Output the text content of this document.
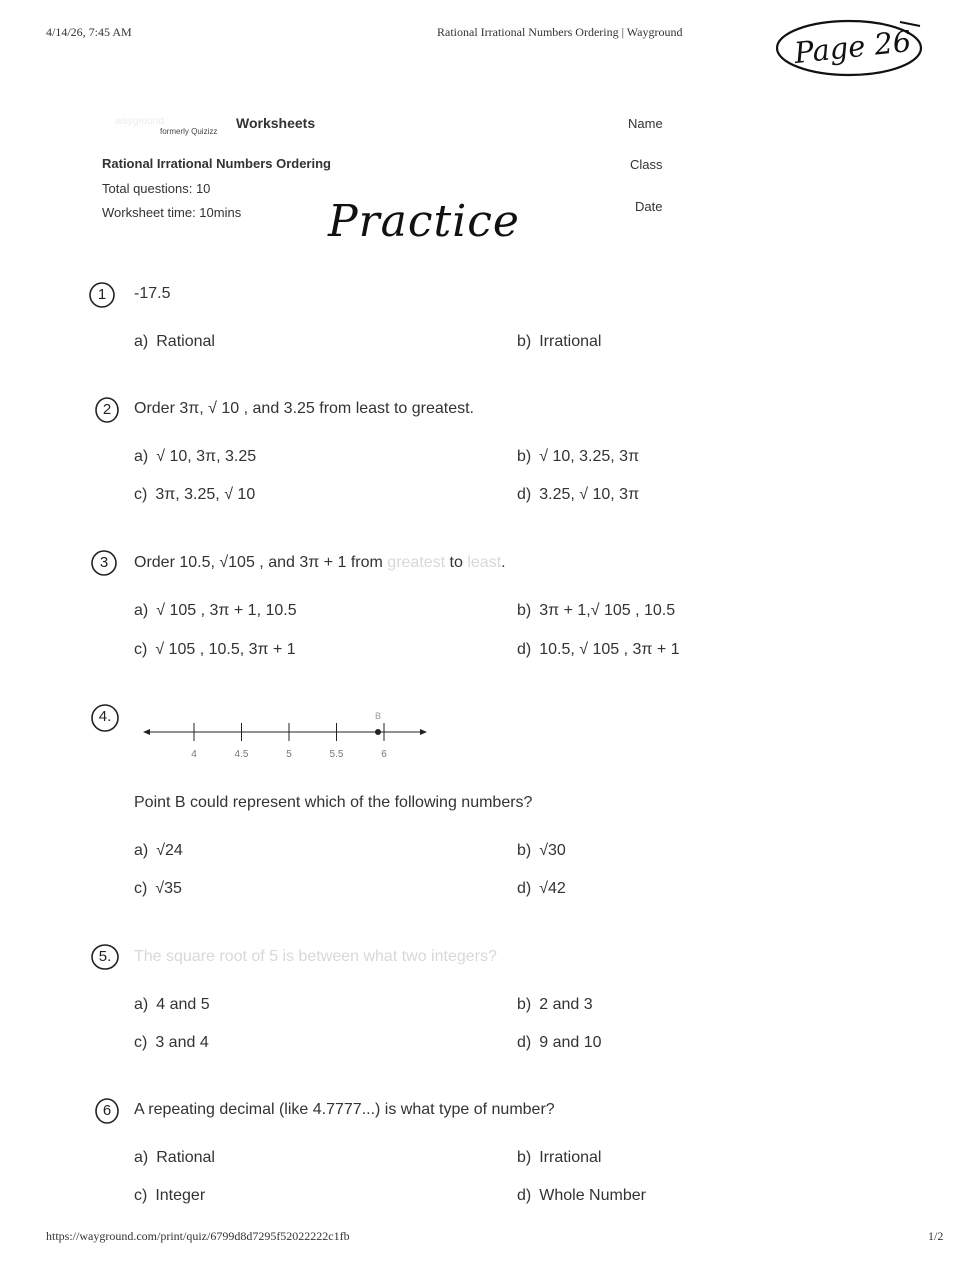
4/14/26, 7:45 AM	Rational Irrational Numbers Ordering | Wayground	Page 26
wayground	Worksheets
formerly Quizizz
Rational Irrational Numbers Ordering
Total questions: 10
Worksheet time: 10mins
Name
Class
Date
Practice
1	-17.5
a) Rational	b) Irrational
2	Order 3π, √ 10 , and 3.25 from least to greatest.
a) √ 10, 3π, 3.25	b) √ 10, 3.25, 3π
c) 3π, 3.25, √ 10	d) 3.25, √ 10, 3π
3	Order 10.5, √105 , and 3π + 1 from greatest to least.
a) √ 105 , 3π + 1, 10.5	b) 3π + 1,√ 105 , 10.5
c) √ 105 , 10.5, 3π + 1	d) 10.5, √ 105 , 3π + 1
4.
4	4.5	5	5.5	6
B
Point B could represent which of the following numbers?
a) √24	b) √30
c) √35	d) √42
5.	The square root of 5 is between what two integers?
a) 4 and 5	b) 2 and 3
c) 3 and 4	d) 9 and 10
6	A repeating decimal (like 4.7777...) is what type of number?
a) Rational	b) Irrational
c) Integer	d) Whole Number
https://wayground.com/print/quiz/6799d8d7295f52022222c1fb	1/2
